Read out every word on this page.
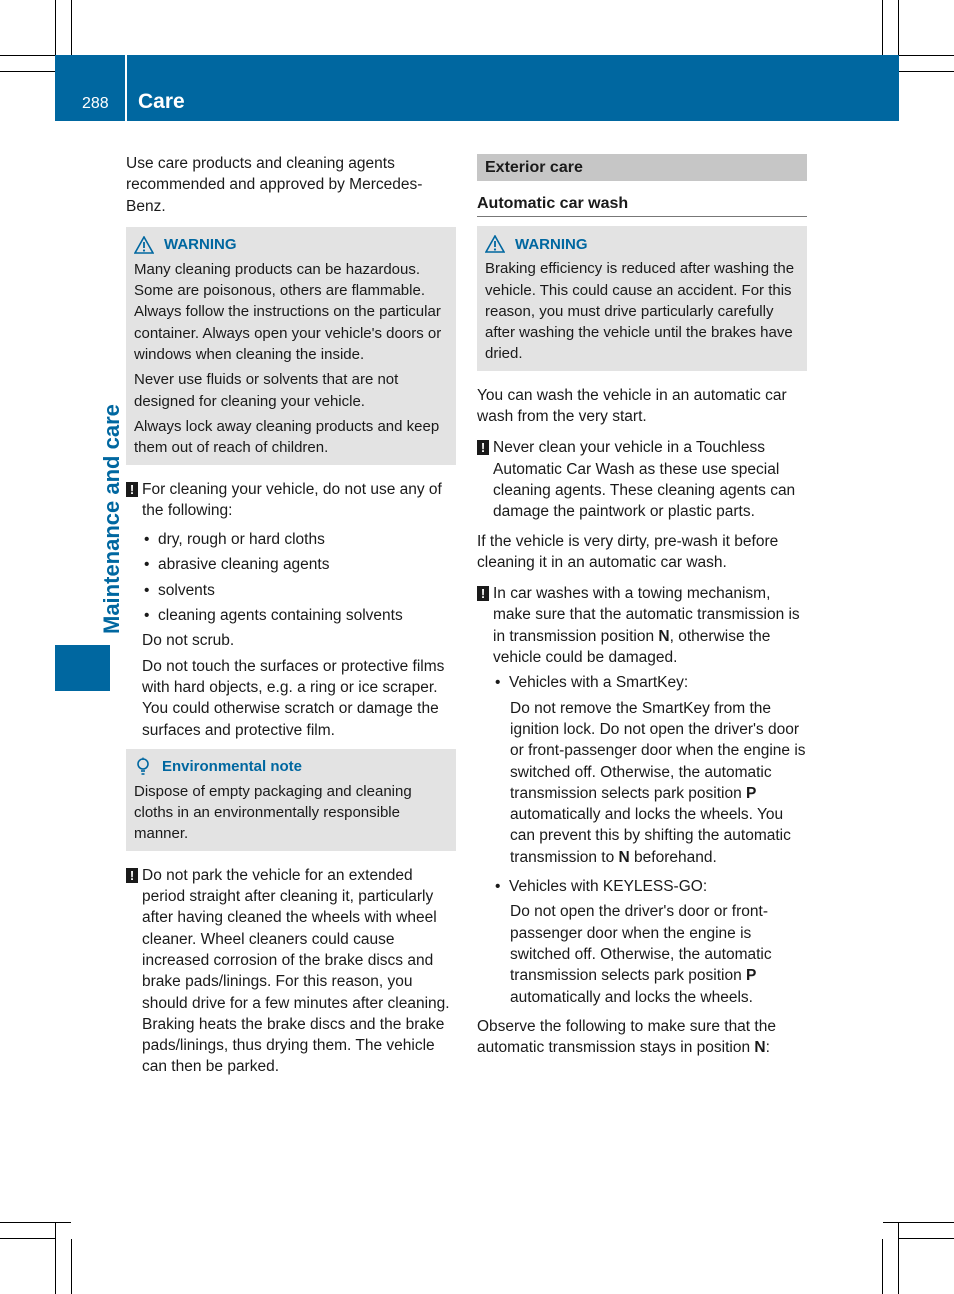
288 Care
Maintenance and care

Use care products and cleaning agents recommended and approved by Mercedes-Benz.

WARNING

Many cleaning products can be hazardous. Some are poisonous, others are flammable. Always follow the instructions on the particular container. Always open your vehicle's doors or windows when cleaning the inside.

Never use fluids or solvents that are not designed for cleaning your vehicle.

Always lock away cleaning products and keep them out of reach of children.

! For cleaning your vehicle, do not use any of the following:

• dry, rough or hard cloths
• abrasive cleaning agents
• solvents
• cleaning agents containing solvents

Do not scrub.

Do not touch the surfaces or protective films with hard objects, e.g. a ring or ice scraper. You could otherwise scratch or damage the surfaces and protective film.

Environmental note

Dispose of empty packaging and cleaning cloths in an environmentally responsible manner.

! Do not park the vehicle for an extended period straight after cleaning it, particularly after having cleaned the wheels with wheel cleaner. Wheel cleaners could cause increased corrosion of the brake discs and brake pads/linings. For this reason, you should drive for a few minutes after cleaning. Braking heats the brake discs and the brake pads/linings, thus drying them. The vehicle can then be parked.

Exterior care
Automatic car wash
WARNING

Braking efficiency is reduced after washing the vehicle. This could cause an accident. For this reason, you must drive particularly carefully after washing the vehicle until the brakes have dried.

You can wash the vehicle in an automatic car wash from the very start.

! Never clean your vehicle in a Touchless Automatic Car Wash as these use special cleaning agents. These cleaning agents can damage the paintwork or plastic parts.

If the vehicle is very dirty, pre-wash it before cleaning it in an automatic car wash.

! In car washes with a towing mechanism, make sure that the automatic transmission is in transmission position N, otherwise the vehicle could be damaged.

• Vehicles with a SmartKey:

Do not remove the SmartKey from the ignition lock. Do not open the driver's door or front-passenger door when the engine is switched off. Otherwise, the automatic transmission selects park position P automatically and locks the wheels. You can prevent this by shifting the automatic transmission to N beforehand.

• Vehicles with KEYLESS-GO:

Do not open the driver's door or front-passenger door when the engine is switched off. Otherwise, the automatic transmission selects park position P automatically and locks the wheels.

Observe the following to make sure that the automatic transmission stays in position N:
